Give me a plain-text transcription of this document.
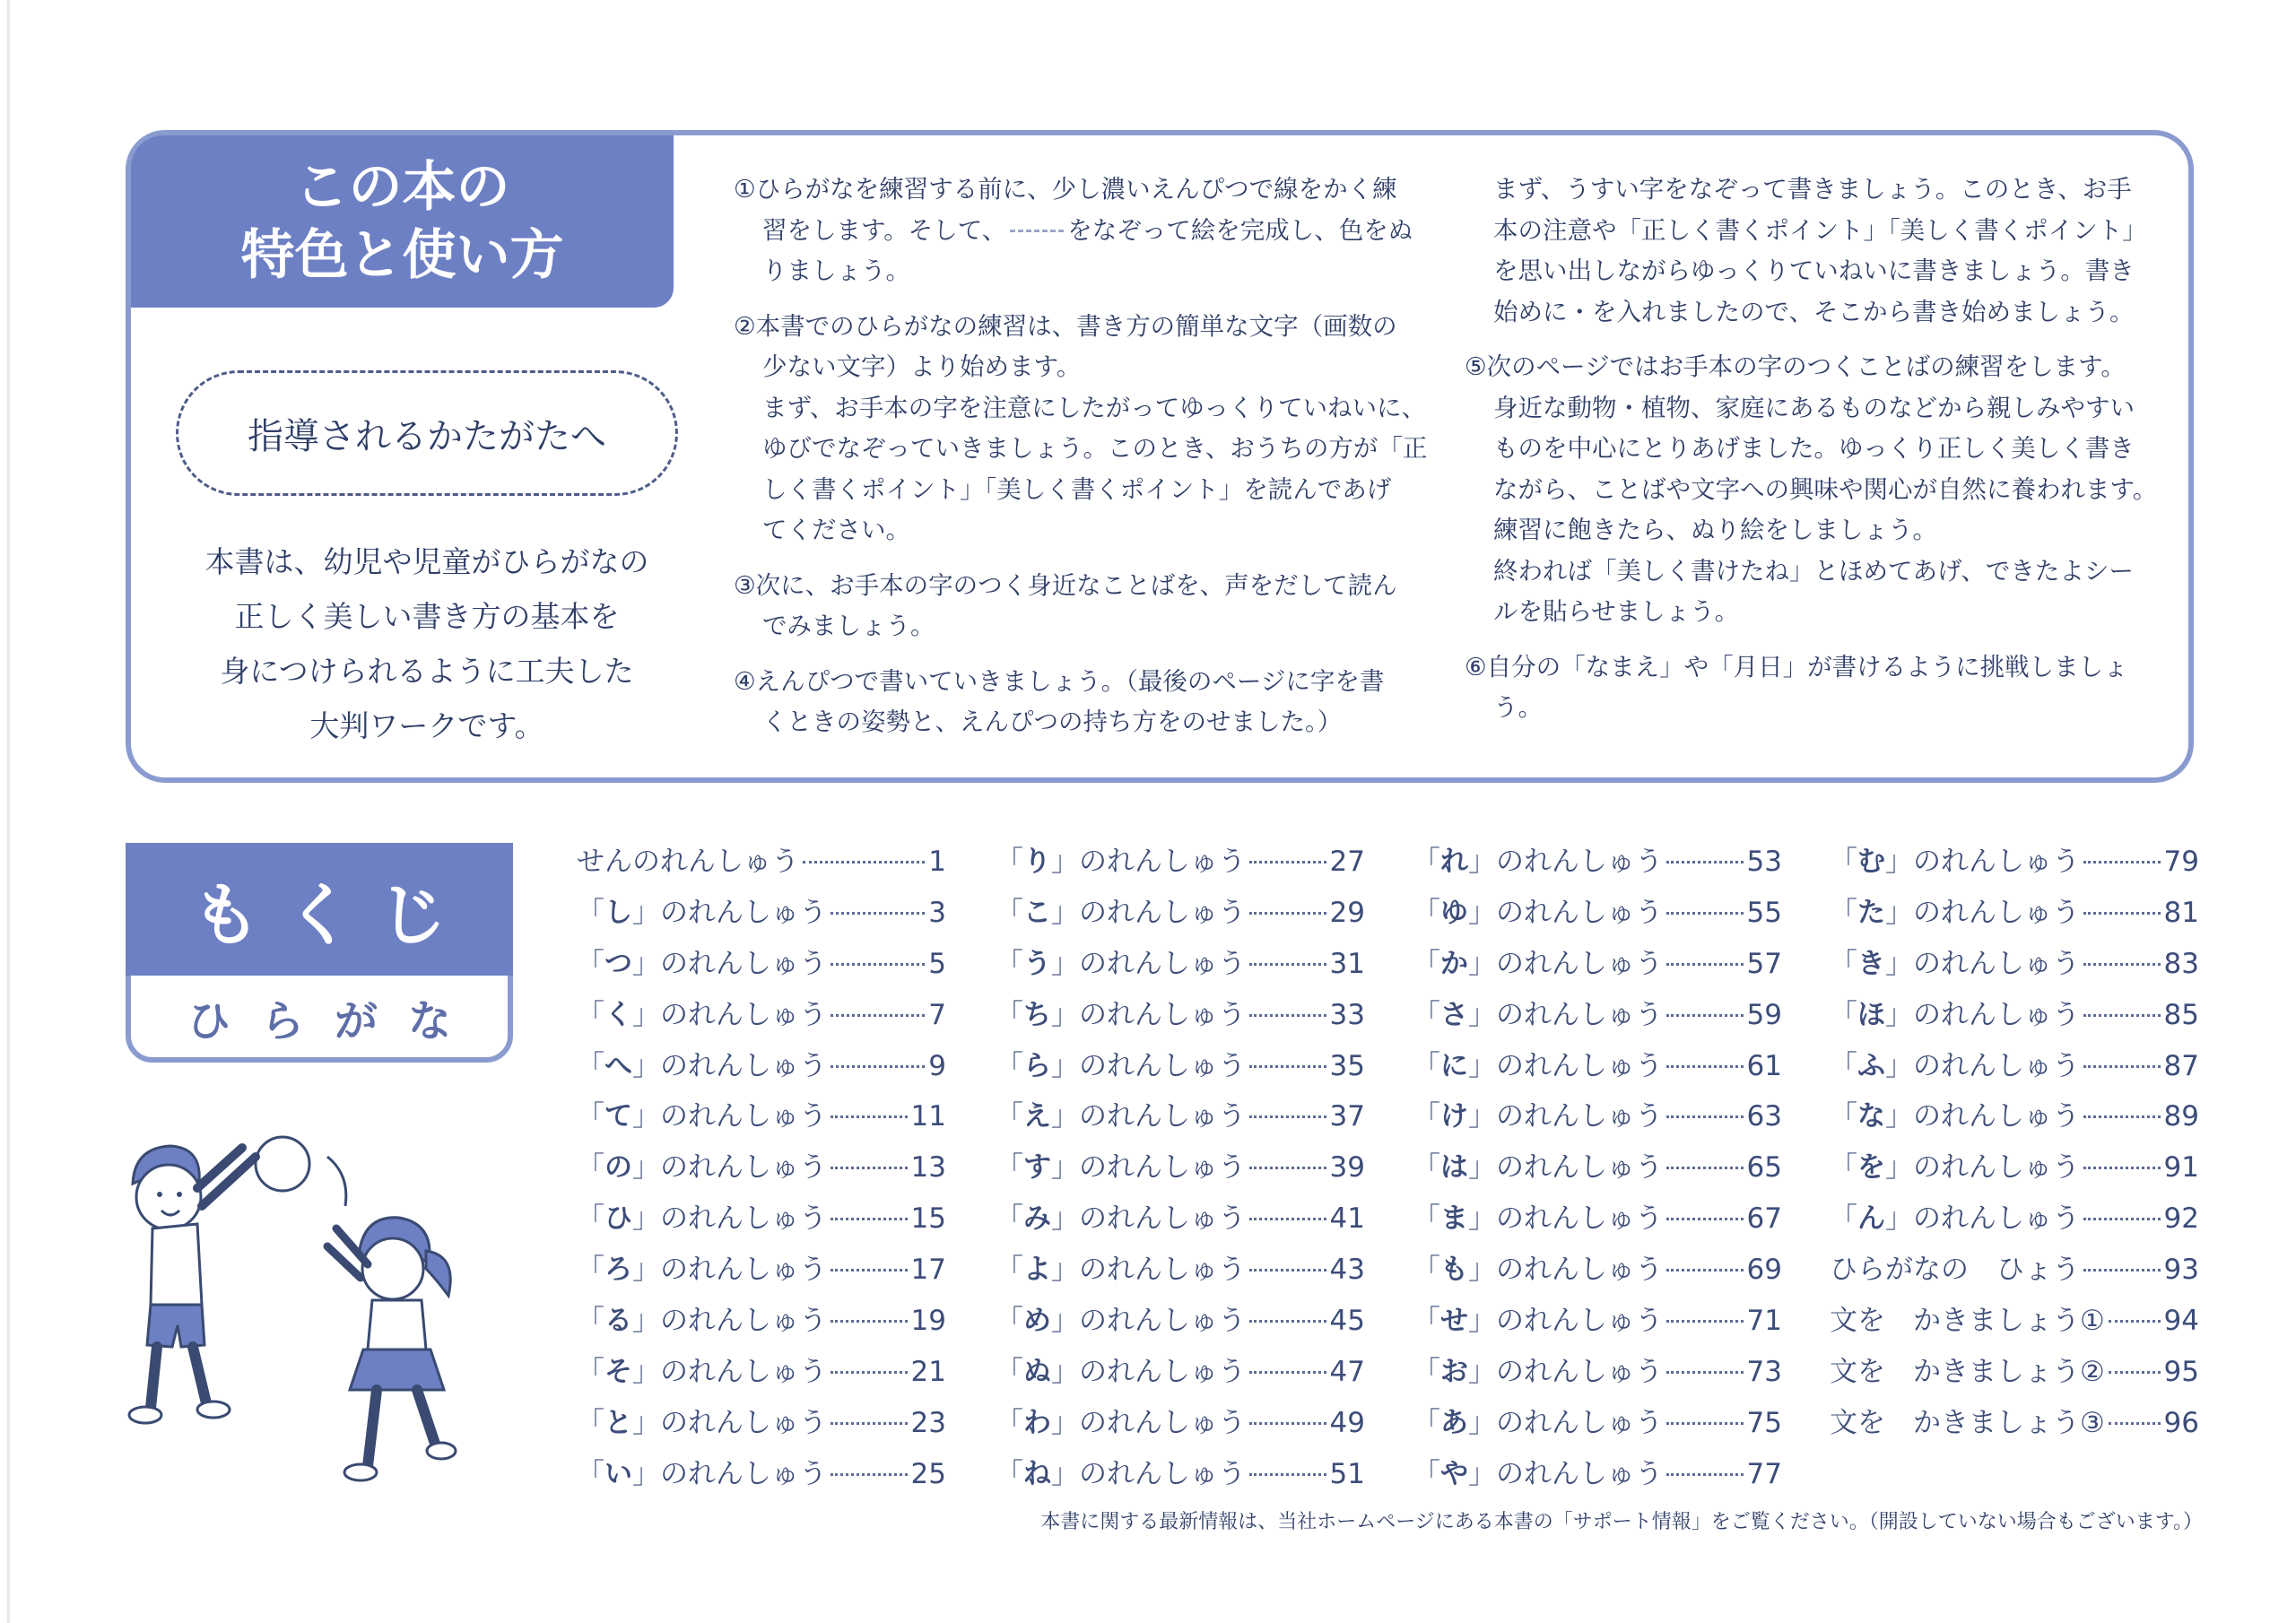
この本の
特色と使い方
指導されるかたがたへ
本書は、幼児や児童がひらがなの
正しく美しい書き方の基本を
身につけられるように工夫した
大判ワークです。

①ひらがなを練習する前に、少し濃いえんぴつで線をかく練

習をします。そして、 をなぞって絵を完成し、色をぬ

りましょう。

②本書でのひらがなの練習は、書き方の簡単な文字（画数の

少ない文字）より始めます。

まず、お手本の字を注意にしたがってゆっくりていねいに、

ゆびでなぞっていきましょう。このとき、おうちの方が「正

しく書くポイント」「美しく書くポイント」を読んであげ

てください。

③次に、お手本の字のつく身近なことばを、声をだして読ん

でみましょう。

④えんぴつで書いていきましょう。（最後のページに字を書

くときの姿勢と、えんぴつの持ち方をのせました。）

まず、うすい字をなぞって書きましょう。このとき、お手

本の注意や「正しく書くポイント」「美しく書くポイント」

を思い出しながらゆっくりていねいに書きましょう。書き

始めに・を入れましたので、そこから書き始めましょう。

⑤次のページではお手本の字のつくことばの練習をします。

身近な動物・植物、家庭にあるものなどから親しみやすい

ものを中心にとりあげました。ゆっくり正しく美しく書き

ながら、ことばや文字への興味や関心が自然に養われます。

練習に飽きたら、ぬり絵をしましょう。

終われば「美しく書けたね」とほめてあげ、できたよシー

ルを貼らせましょう。

⑥自分の「なまえ」や「月日」が書けるように挑戦しましょ

う。

もくじ
ひらがな
せんのれんしゅう	1
「し」のれんしゅう	3
「つ」のれんしゅう	5
「く」のれんしゅう	7
「へ」のれんしゅう	9
「て」のれんしゅう	11
「の」のれんしゅう	13
「ひ」のれんしゅう	15
「ろ」のれんしゅう	17
「る」のれんしゅう	19
「そ」のれんしゅう	21
「と」のれんしゅう	23
「い」のれんしゅう	25
「り」のれんしゅう	27
「こ」のれんしゅう	29
「う」のれんしゅう	31
「ち」のれんしゅう	33
「ら」のれんしゅう	35
「え」のれんしゅう	37
「す」のれんしゅう	39
「み」のれんしゅう	41
「よ」のれんしゅう	43
「め」のれんしゅう	45
「ぬ」のれんしゅう	47
「わ」のれんしゅう	49
「ね」のれんしゅう	51
「れ」のれんしゅう	53
「ゆ」のれんしゅう	55
「か」のれんしゅう	57
「さ」のれんしゅう	59
「に」のれんしゅう	61
「け」のれんしゅう	63
「は」のれんしゅう	65
「ま」のれんしゅう	67
「も」のれんしゅう	69
「せ」のれんしゅう	71
「お」のれんしゅう	73
「あ」のれんしゅう	75
「や」のれんしゅう	77
「む」のれんしゅう	79
「た」のれんしゅう	81
「き」のれんしゅう	83
「ほ」のれんしゅう	85
「ふ」のれんしゅう	87
「な」のれんしゅう	89
「を」のれんしゅう	91
「ん」のれんしゅう	92
ひらがなの　ひょう	93
文を　かきましょう① 94
文を　かきましょう② 95
文を　かきましょう③ 96
本書に関する最新情報は、当社ホームページにある本書の「サポート情報」をご覧ください。（開設していない場合もございます。）
